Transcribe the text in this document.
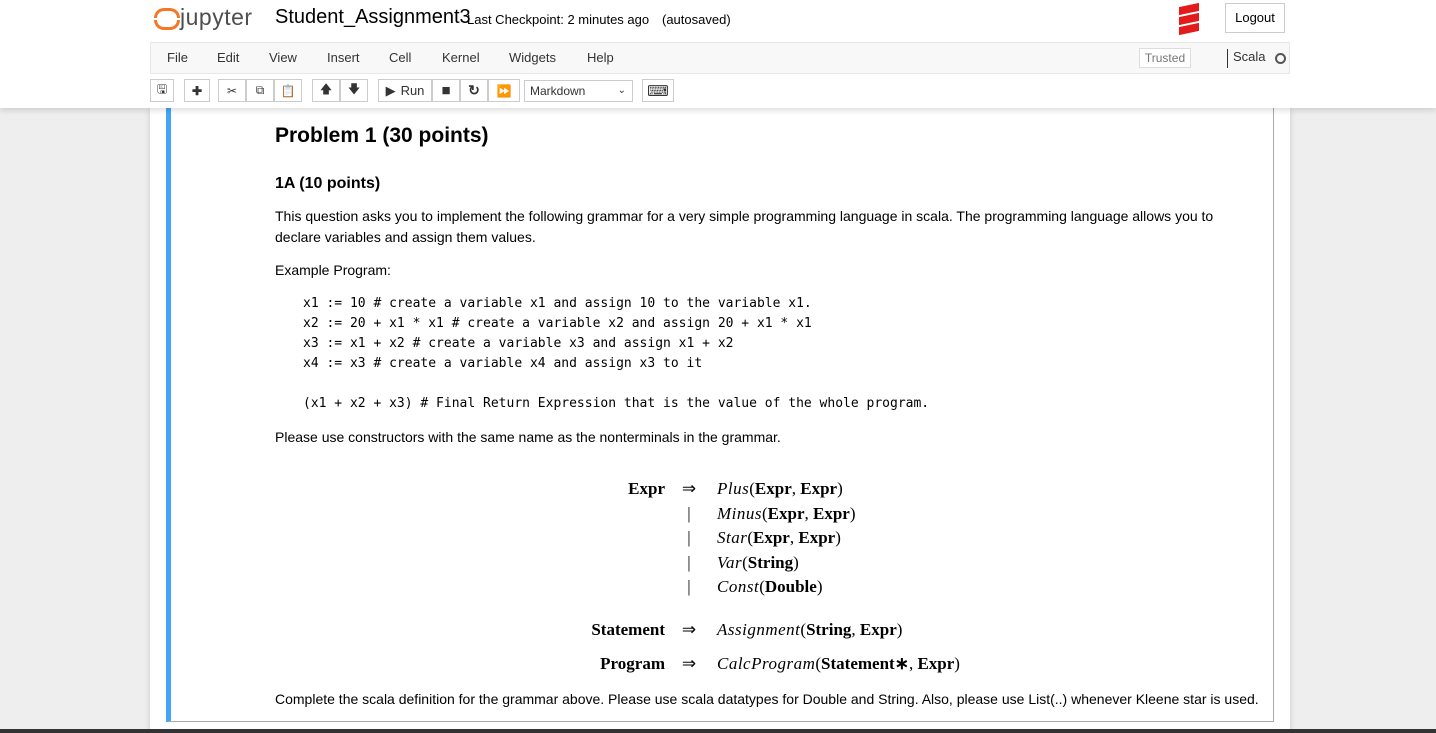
jupyter Student_Assignment3
Last Checkpoint: 2 minutes ago (autosaved)	Logout
File Edit View Insert Cell Kernel Widgets Help	Trusted	Scala
🖫 ✚ ✂ ⧉ 📋 🡅 🡇 ▶ Run ■ ↻ ⏩	Markdown	⌄ ⌨
Problem 1 (30 points)
1A (10 points)

This question asks you to implement the following grammar for a very simple programming language in scala. The programming language allows you to declare variables and assign them values.

Example Program:

x1 := 10 # create a variable x1 and assign 10 to the variable x1.
x2 := 20 + x1 * x1 # create a variable x2 and assign 20 + x1 * x1
x3 := x1 + x2 # create a variable x3 and assign x1 + x2
x4 := x3 # create a variable x4 and assign x3 to it

(x1 + x2 + x3) # Final Return Expression that is the value of the whole program.

Please use constructors with the same name as the nonterminals in the grammar.

Expr ⇒ Plus(Expr, Expr)
|	Minus(Expr, Expr)
|	Star(Expr, Expr)
|	Var(String)
|	Const(Double)
Statement ⇒ Assignment(String, Expr)
Program ⇒ CalcProgram(Statement∗, Expr)

Complete the scala definition for the grammar above. Please use scala datatypes for Double and String. Also, please use List(..) whenever Kleene star is used.
